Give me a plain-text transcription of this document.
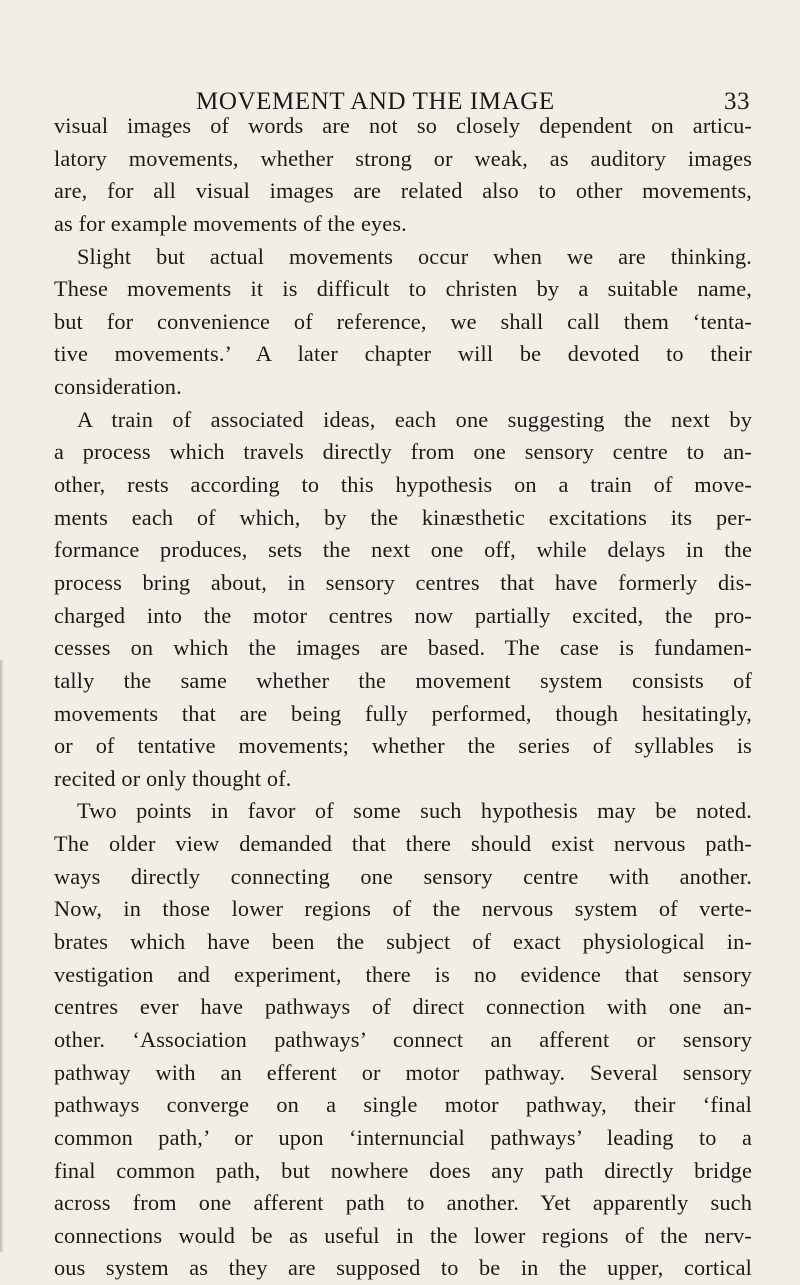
MOVEMENT AND THE IMAGE	33
visual images of words are not so closely dependent on articu-
latory movements, whether strong or weak, as auditory images
are, for all visual images are related also to other movements,
as for example movements of the eyes.
Slight but actual movements occur when we are thinking.
These movements it is difficult to christen by a suitable name,
but for convenience of reference, we shall call them ‘tenta-
tive movements.’ A later chapter will be devoted to their
consideration.
A train of associated ideas, each one suggesting the next by
a process which travels directly from one sensory centre to an-
other, rests according to this hypothesis on a train of move-
ments each of which, by the kinæsthetic excitations its per-
formance produces, sets the next one off, while delays in the
process bring about, in sensory centres that have formerly dis-
charged into the motor centres now partially excited, the pro-
cesses on which the images are based. The case is fundamen-
tally the same whether the movement system consists of
movements that are being fully performed, though hesitatingly,
or of tentative movements; whether the series of syllables is
recited or only thought of.
Two points in favor of some such hypothesis may be noted.
The older view demanded that there should exist nervous path-
ways directly connecting one sensory centre with another.
Now, in those lower regions of the nervous system of verte-
brates which have been the subject of exact physiological in-
vestigation and experiment, there is no evidence that sensory
centres ever have pathways of direct connection with one an-
other. ‘Association pathways’ connect an afferent or sensory
pathway with an efferent or motor pathway. Several sensory
pathways converge on a single motor pathway, their ‘final
common path,’ or upon ‘internuncial pathways’ leading to a
final common path, but nowhere does any path directly bridge
across from one afferent path to another. Yet apparently such
connections would be as useful in the lower regions of the nerv-
ous system as they are supposed to be in the upper, cortical
